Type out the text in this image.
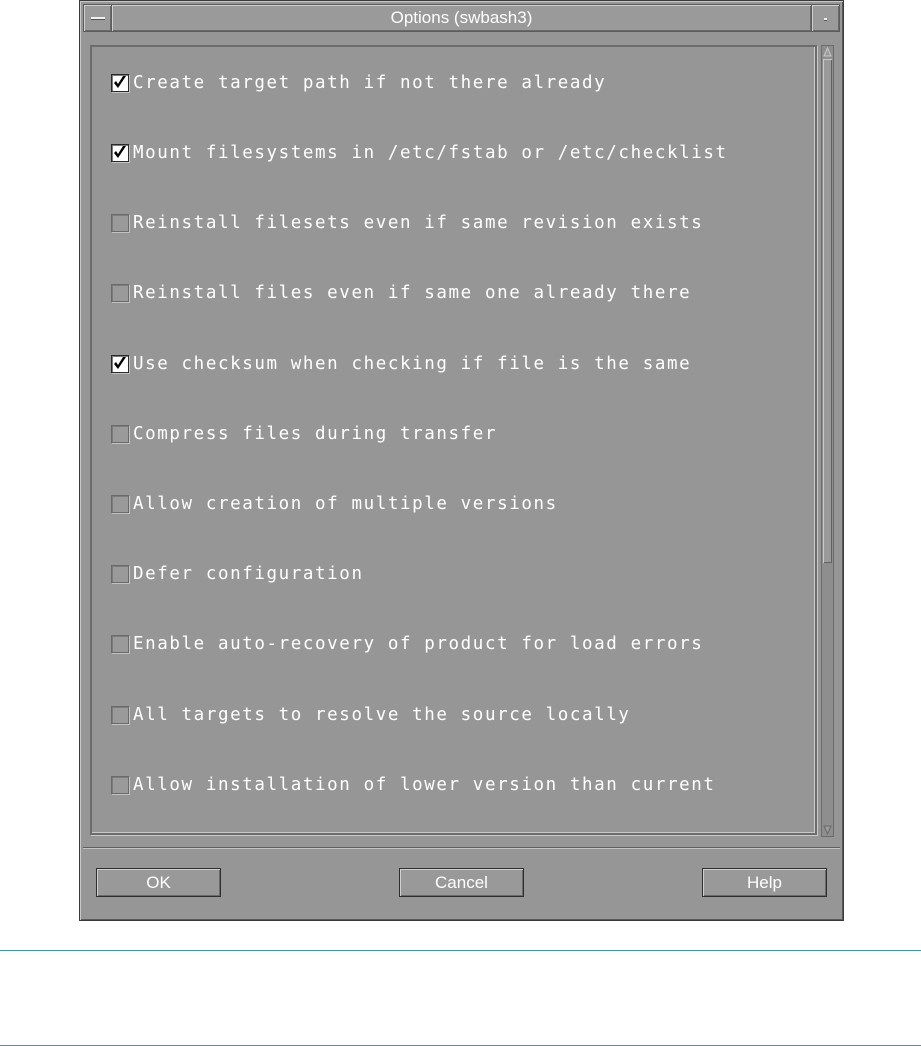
Options (swbash3)
Create target path if not there already
Mount filesystems in /etc/fstab or /etc/checklist
Reinstall filesets even if same revision exists
Reinstall files even if same one already there
Use checksum when checking if file is the same
Compress files during transfer
Allow creation of multiple versions
Defer configuration
Enable auto-recovery of product for load errors
All targets to resolve the source locally
Allow installation of lower version than current
OK	Cancel	Help
